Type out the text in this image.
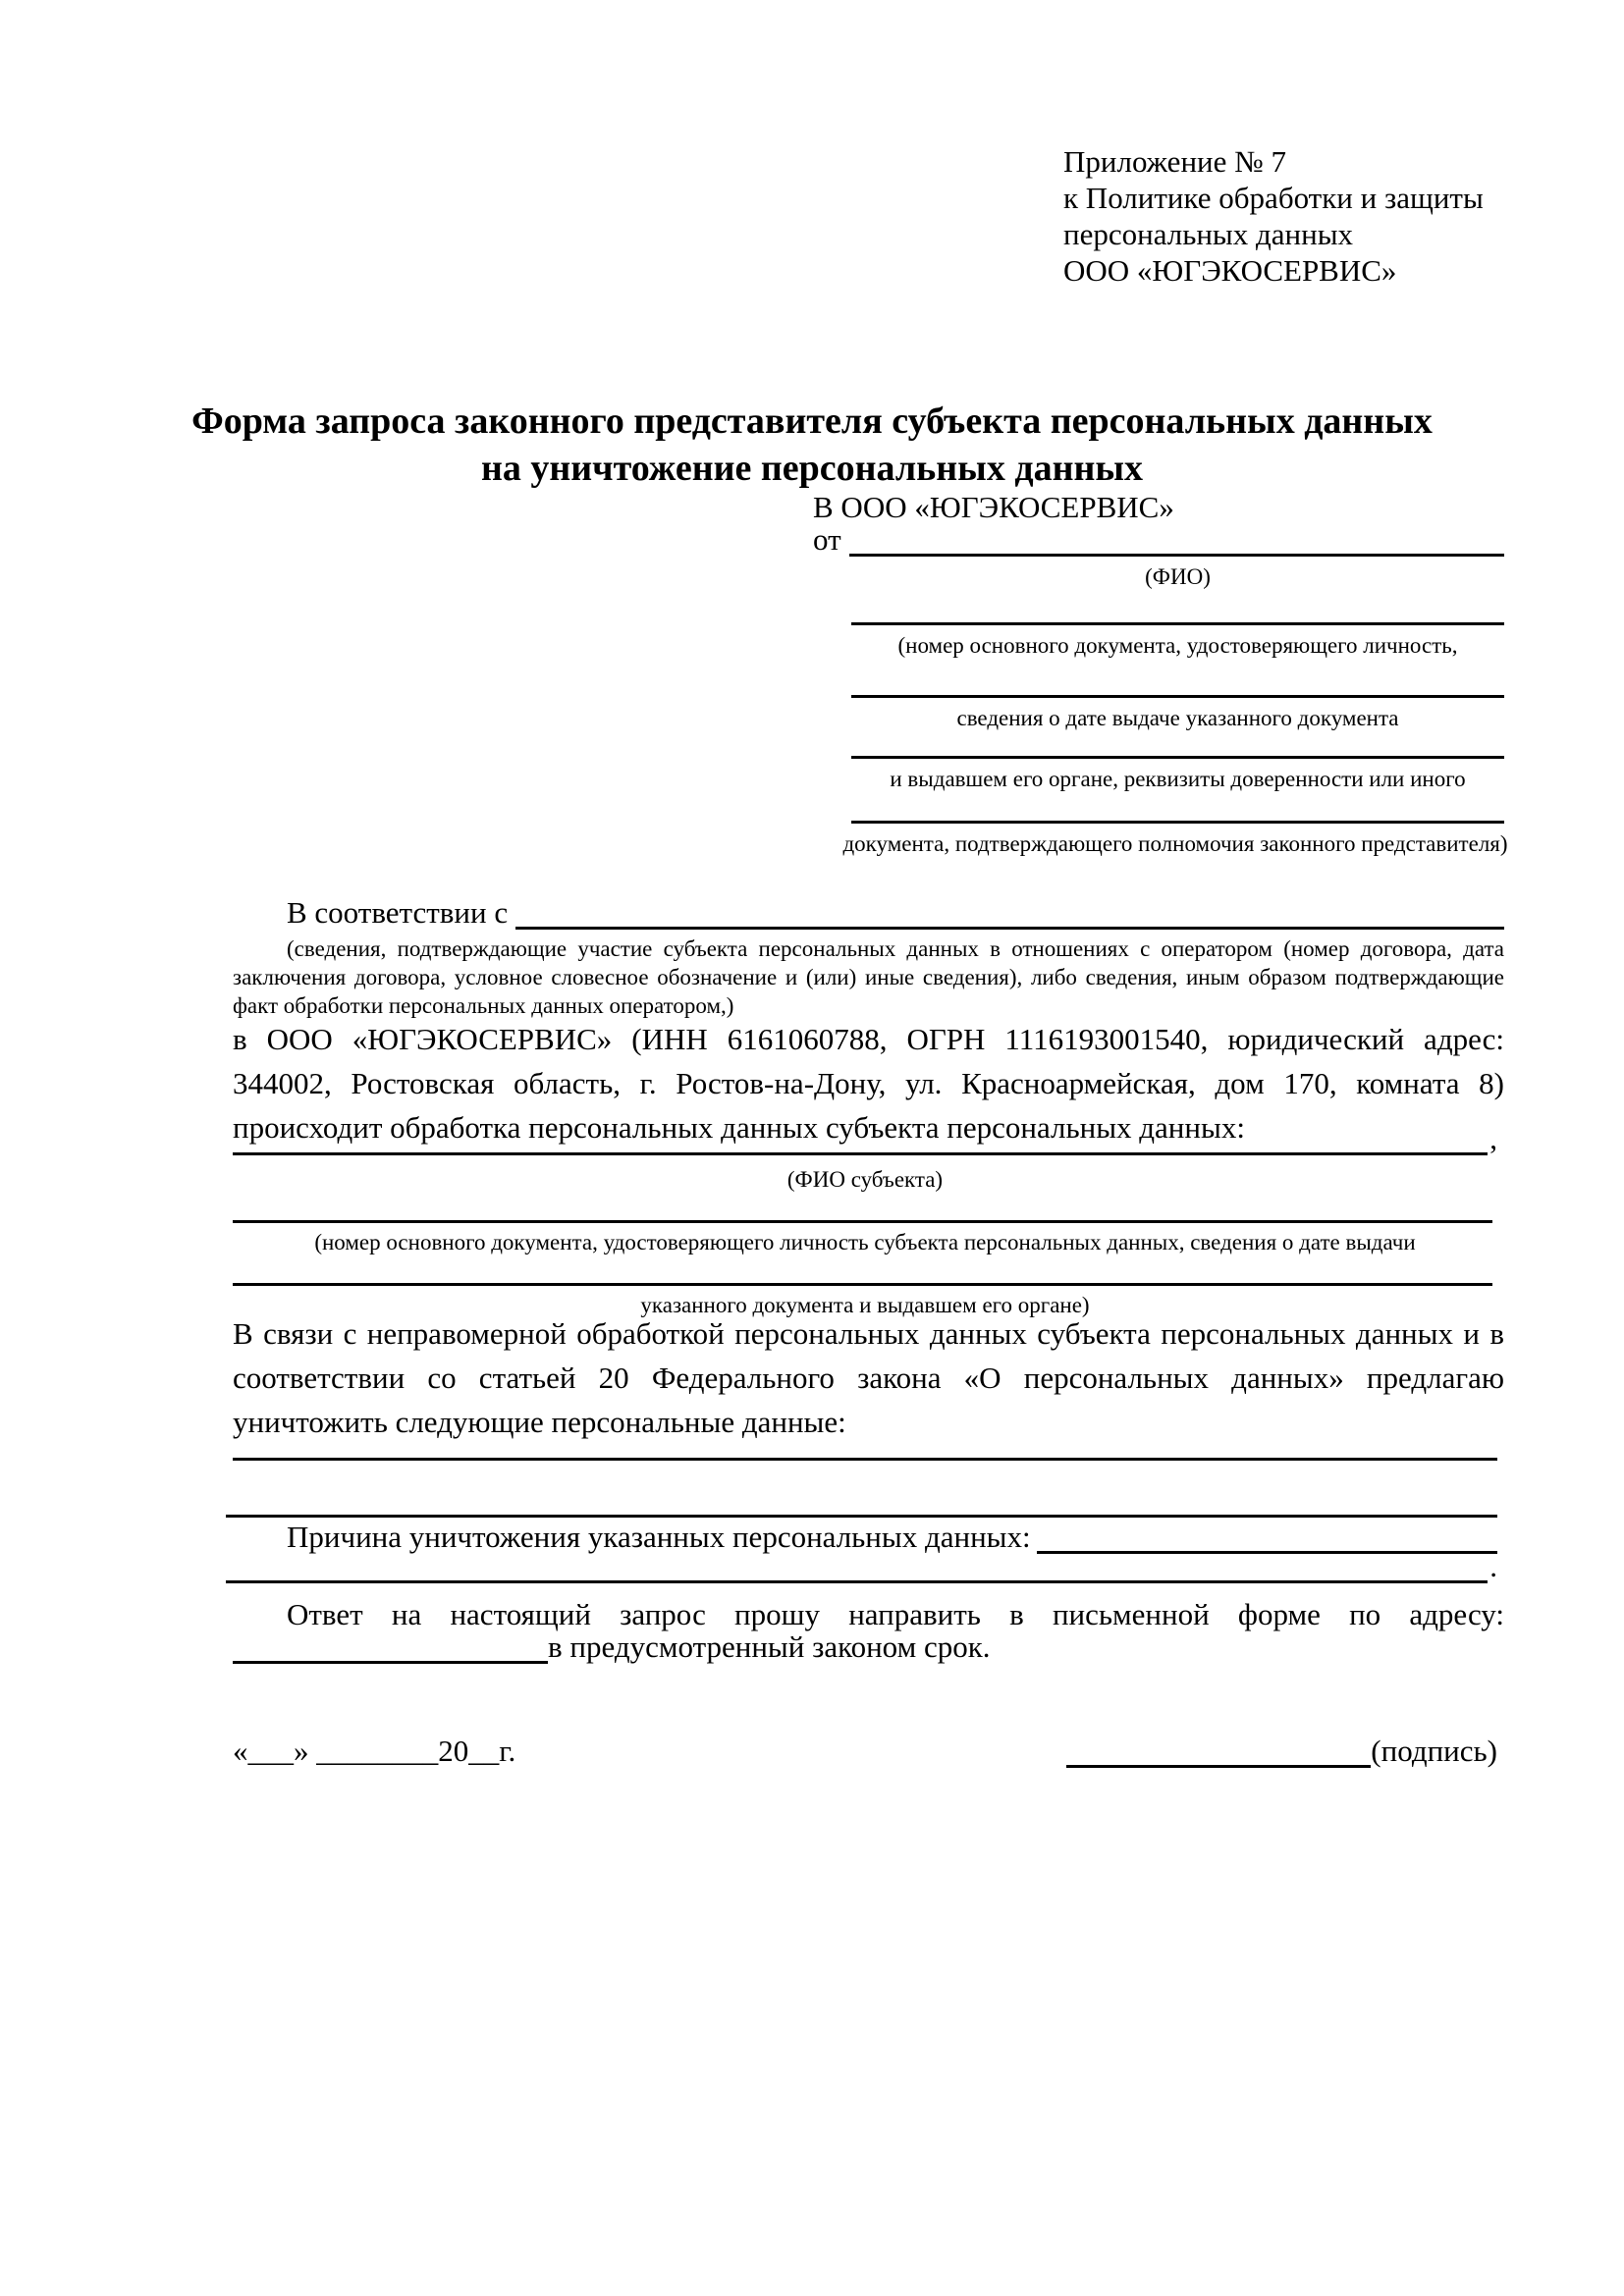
Приложение № 7
к Политике обработки и защиты
персональных данных
ООО «ЮГЭКОСЕРВИС»
Форма запроса законного представителя субъекта персональных данных
на уничтожение персональных данных
В ООО «ЮГЭКОСЕРВИС»
от
(ФИО)
(номер основного документа, удостоверяющего личность,
сведения о дате выдаче указанного документа
и выдавшем его органе, реквизиты доверенности или иного
документа, подтверждающего полномочия законного представителя)
В соответствии с
(сведения, подтверждающие участие субъекта персональных данных в отношениях с оператором (номер договора, дата заключения договора, условное словесное обозначение и (или) иные сведения), либо сведения, иным образом подтверждающие факт обработки персональных данных оператором,)
в ООО «ЮГЭКОСЕРВИС» (ИНН 6161060788, ОГРН 1116193001540, юридический адрес: 344002, Ростовская область, г. Ростов-на-Дону, ул. Красноармейская, дом 170, комната 8) происходит обработка персональных данных субъекта персональных данных:	,
(ФИО субъекта)
(номер основного документа, удостоверяющего личность субъекта персональных данных, сведения о дате выдачи
указанного документа и выдавшем его органе)
В связи с неправомерной обработкой персональных данных субъекта персональных данных и в соответствии со статьей 20 Федерального закона «О персональных данных» предлагаю уничтожить следующие персональные данные:
Причина уничтожения указанных персональных данных:
.
Ответ на настоящий запрос прошу направить в письменной форме по адресу:
в предусмотренный законом срок.
«___» ________20__г.	(подпись)
